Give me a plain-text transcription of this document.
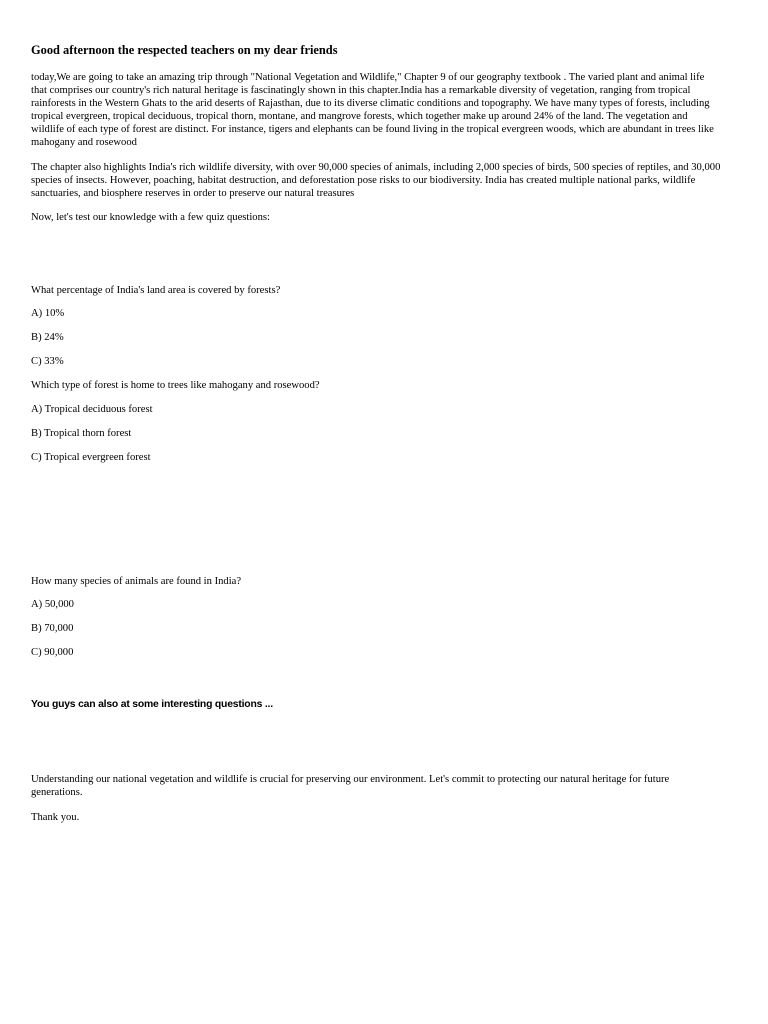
Good afternoon the respected teachers on my dear friends

today,We are going to take an amazing trip through "National Vegetation and Wildlife," Chapter 9 of our geography textbook . The varied plant and animal life that comprises our country's rich natural heritage is fascinatingly shown in this chapter.India has a remarkable diversity of vegetation, ranging from tropical rainforests in the Western Ghats to the arid deserts of Rajasthan, due to its diverse climatic conditions and topography. We have many types of forests, including tropical evergreen, tropical deciduous, tropical thorn, montane, and mangrove forests, which together make up around 24% of the land. The vegetation and wildlife of each type of forest are distinct. For instance, tigers and elephants can be found living in the tropical evergreen woods, which are abundant in trees like mahogany and rosewood

The chapter also highlights India's rich wildlife diversity, with over 90,000 species of animals, including 2,000 species of birds, 500 species of reptiles, and 30,000 species of insects. However, poaching, habitat destruction, and deforestation pose risks to our biodiversity. India has created multiple national parks, wildlife sanctuaries, and biosphere reserves in order to preserve our natural treasures

Now, let's test our knowledge with a few quiz questions:

What percentage of India's land area is covered by forests?

A) 10%

B) 24%

C) 33%

Which type of forest is home to trees like mahogany and rosewood?

A) Tropical deciduous forest

B) Tropical thorn forest

C) Tropical evergreen forest

How many species of animals are found in India?

A) 50,000

B) 70,000

C) 90,000

You guys can also at some interesting questions ...

Understanding our national vegetation and wildlife is crucial for preserving our environment. Let's commit to protecting our natural heritage for future generations.

Thank you.
